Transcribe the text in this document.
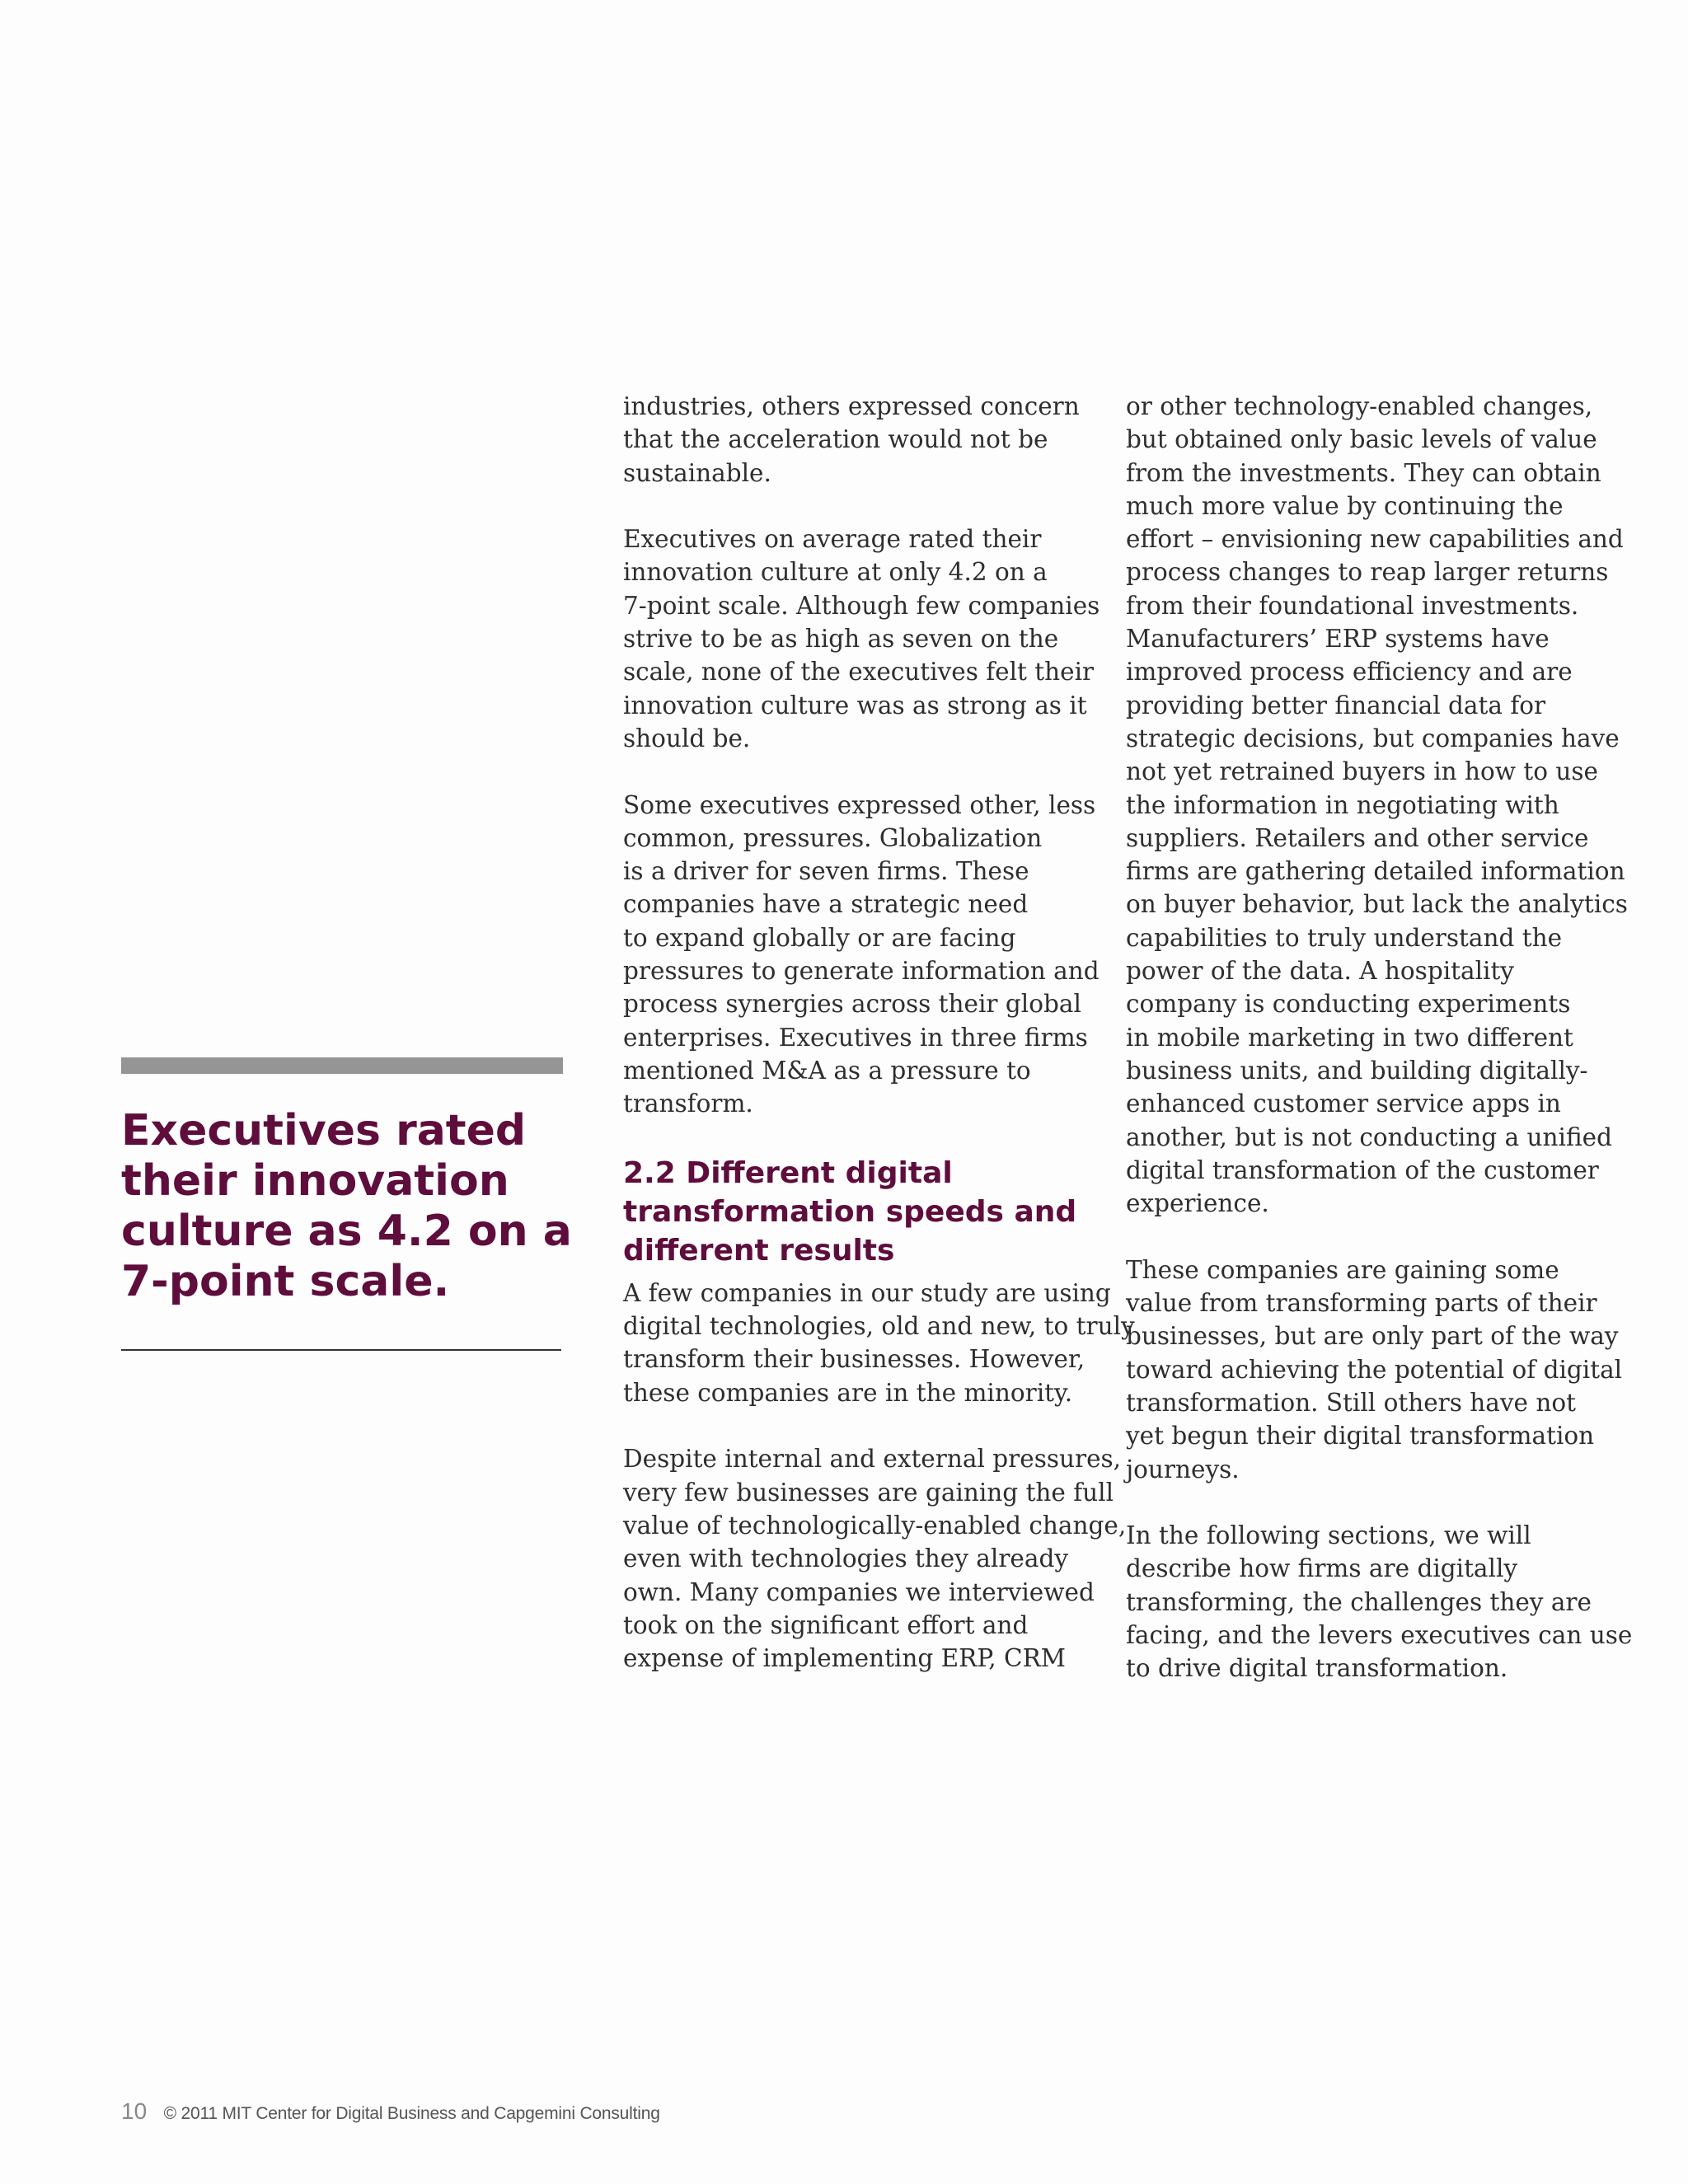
Executives rated
their innovation
culture as 4.2 on a
7-point scale.

industries, others expressed concern
that the acceleration would not be
sustainable.

Executives on average rated their
innovation culture at only 4.2 on a
7-point scale. Although few companies
strive to be as high as seven on the
scale, none of the executives felt their
innovation culture was as strong as it
should be.

Some executives expressed other, less
common, pressures. Globalization
is a driver for seven firms. These
companies have a strategic need
to expand globally or are facing
pressures to generate information and
process synergies across their global
enterprises. Executives in three firms
mentioned M&A as a pressure to
transform.

2.2 Different digital
transformation speeds and
different results

A few companies in our study are using
digital technologies, old and new, to truly
transform their businesses. However,
these companies are in the minority.

Despite internal and external pressures,
very few businesses are gaining the full
value of technologically-enabled change,
even with technologies they already
own. Many companies we interviewed
took on the significant effort and
expense of implementing ERP, CRM

or other technology-enabled changes,
but obtained only basic levels of value
from the investments. They can obtain
much more value by continuing the
effort – envisioning new capabilities and
process changes to reap larger returns
from their foundational investments.
Manufacturers’ ERP systems have
improved process efficiency and are
providing better financial data for
strategic decisions, but companies have
not yet retrained buyers in how to use
the information in negotiating with
suppliers. Retailers and other service
firms are gathering detailed information
on buyer behavior, but lack the analytics
capabilities to truly understand the
power of the data. A hospitality
company is conducting experiments
in mobile marketing in two different
business units, and building digitally-
enhanced customer service apps in
another, but is not conducting a unified
digital transformation of the customer
experience.

These companies are gaining some
value from transforming parts of their
businesses, but are only part of the way
toward achieving the potential of digital
transformation. Still others have not
yet begun their digital transformation
journeys.

In the following sections, we will
describe how firms are digitally
transforming, the challenges they are
facing, and the levers executives can use
to drive digital transformation.

10 © 2011 MIT Center for Digital Business and Capgemini Consulting
